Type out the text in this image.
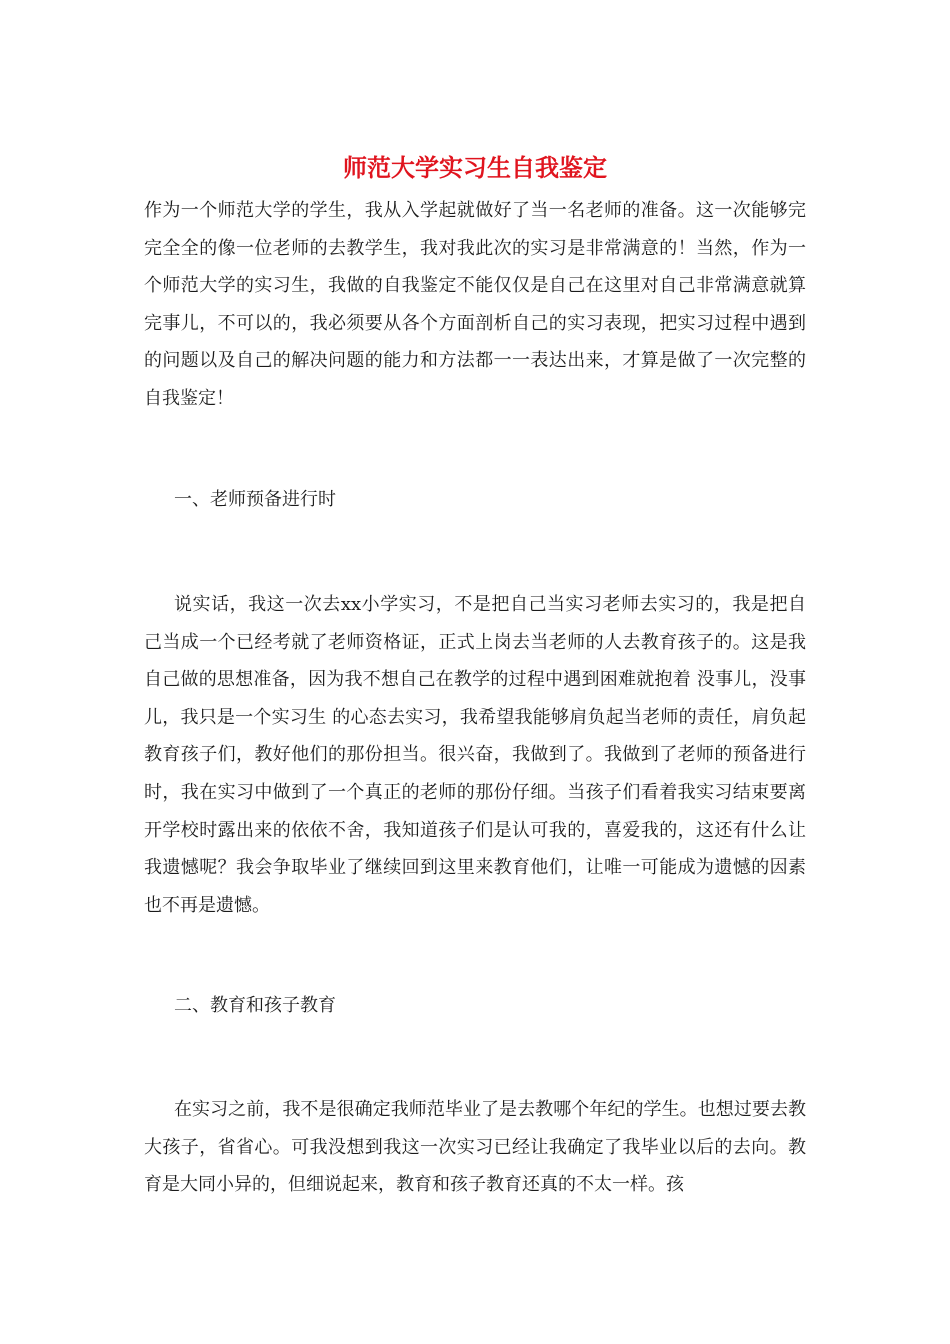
师范大学实习生自我鉴定

作为一个师范大学的学生，我从入学起就做好了当一名老师的准备。这一次能够完完全全的像一位老师的去教学生，我对我此次的实习是非常满意的！当然，作为一个师范大学的实习生，我做的自我鉴定不能仅仅是自己在这里对自己非常满意就算完事儿，不可以的，我必须要从各个方面剖析自己的实习表现，把实习过程中遇到的问题以及自己的解决问题的能力和方法都一一表达出来，才算是做了一次完整的自我鉴定！

一、老师预备进行时

说实话，我这一次去xx小学实习，不是把自己当实习老师去实习的，我是把自己当成一个已经考就了老师资格证，正式上岗去当老师的人去教育孩子的。这是我自己做的思想准备，因为我不想自己在教学的过程中遇到困难就抱着 没事儿，没事儿，我只是一个实习生 的心态去实习，我希望我能够肩负起当老师的责任，肩负起教育孩子们，教好他们的那份担当。很兴奋，我做到了。我做到了老师的预备进行时，我在实习中做到了一个真正的老师的那份仔细。当孩子们看着我实习结束要离开学校时露出来的依依不舍，我知道孩子们是认可我的，喜爱我的，这还有什么让我遗憾呢？我会争取毕业了继续回到这里来教育他们，让唯一可能成为遗憾的因素也不再是遗憾。

二、教育和孩子教育

在实习之前，我不是很确定我师范毕业了是去教哪个年纪的学生。也想过要去教大孩子，省省心。可我没想到我这一次实习已经让我确定了我毕业以后的去向。教育是大同小异的，但细说起来，教育和孩子教育还真的不太一样。孩
